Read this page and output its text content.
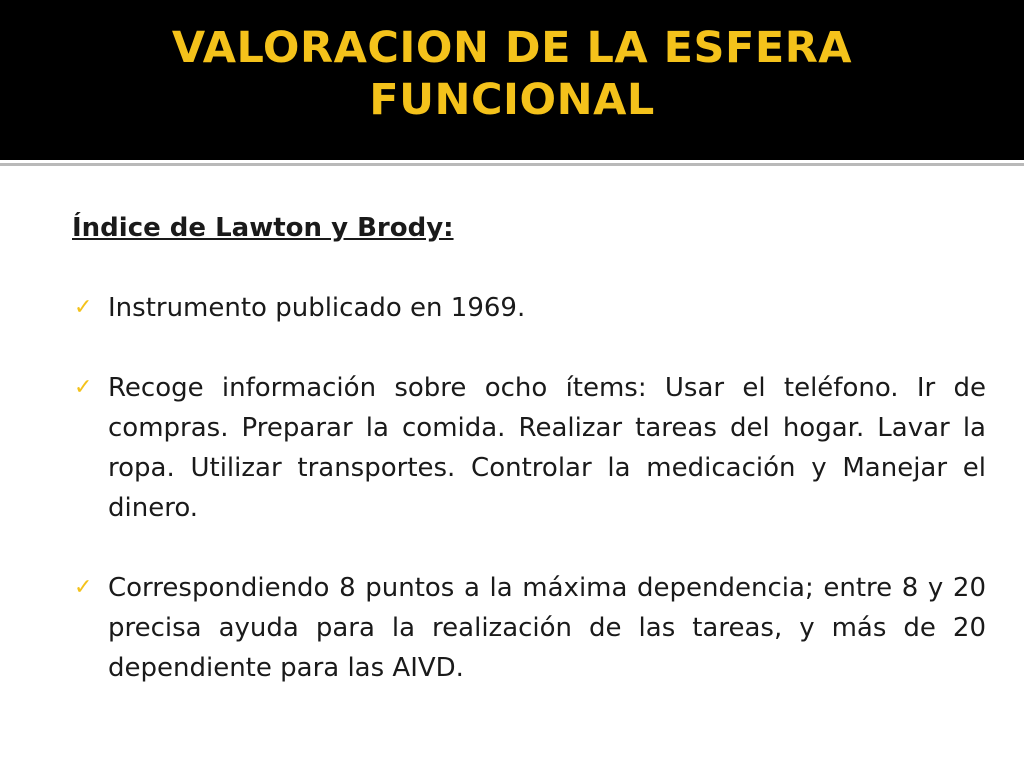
VALORACION DE LA ESFERA
FUNCIONAL

Índice de Lawton y Brody:

✓ Instrumento publicado en 1969.
✓ Recoge información sobre ocho ítems: Usar el teléfono. Ir de compras. Preparar la comida. Realizar tareas del hogar. Lavar la ropa. Utilizar transportes. Controlar la medicación y Manejar el dinero.
✓ Correspondiendo 8 puntos a la máxima dependencia; entre 8 y 20 precisa ayuda para la realización de las tareas, y más de 20 dependiente para las AIVD.
